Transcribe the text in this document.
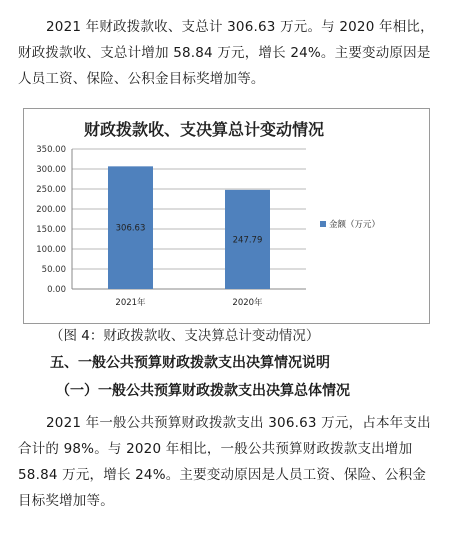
2021 年财政拨款收、支总计 306.63 万元。与 2020 年相比，财政拨款收、支总计增加 58.84 万元，增长 24%。主要变动原因是人员工资、保险、公积金目标奖增加等。

财政拨款收、支决算总计变动情况
0.00
50.00
100.00
150.00
200.00
250.00
300.00
350.00
306.63
2021年
247.79
2020年
金额（万元）
（图 4：财政拨款收、支决算总计变动情况）
五、一般公共预算财政拨款支出决算情况说明
（一）一般公共预算财政拨款支出决算总体情况

2021 年一般公共预算财政拨款支出 306.63 万元，占本年支出合计的 98%。与 2020 年相比，一般公共预算财政拨款支出增加 58.84 万元，增长 24%。主要变动原因是人员工资、保险、公积金目标奖增加等。
